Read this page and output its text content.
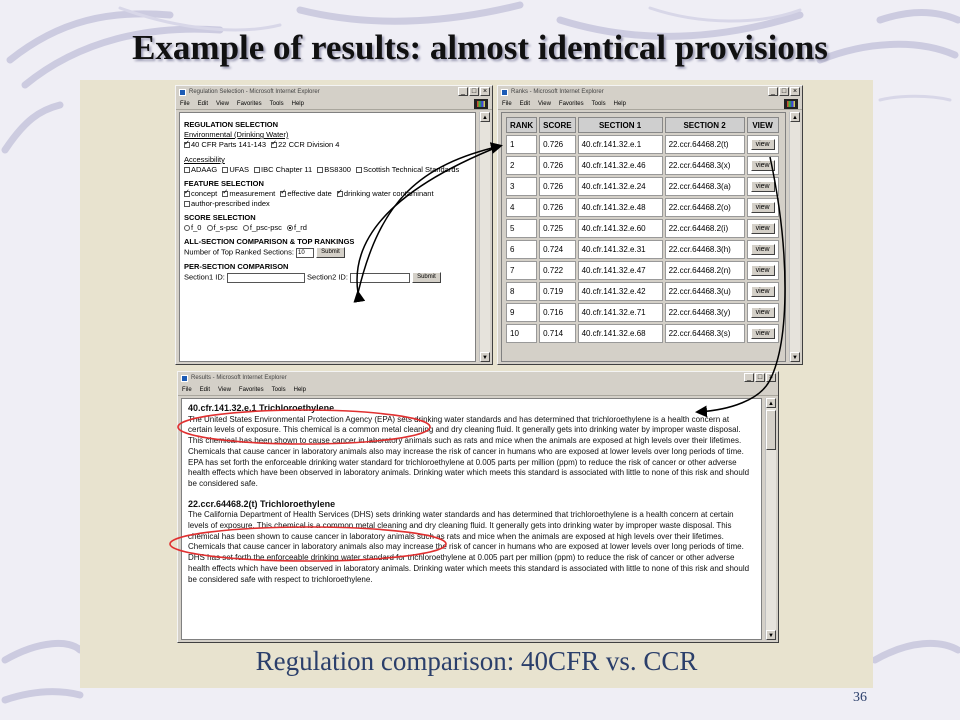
Example of results: almost identical provisions
Regulation Selection - Microsoft Internet Explorer	_ □ ×
File Edit View Favorites Tools Help
REGULATION SELECTION
Environmental (Drinking Water)
✓40 CFR Parts 141-143 ✓ 22 CCR Division 4
Accessibility
ADAAG UFAS IBC Chapter 11 BS8300 Scottish Technical Standards
FEATURE SELECTION
✓concept ✓ measurement ✓ effective date ✓ drinking water contaminant author-prescribed index
SCORE SELECTION
f_0 f_s-psc f_psc-psc f_rd
ALL-SECTION COMPARISON & TOP RANKINGS
Number of Top Ranked Sections: 10	Submit
PER-SECTION COMPARISON
Section1 ID:	Section2 ID:	Submit
▲
▼
Ranks - Microsoft Internet Explorer	_ □ ×
File Edit View Favorites Tools Help
RANK	SCORE	SECTION 1	SECTION 2	VIEW
1	0.726	40.cfr.141.32.e.1	22.ccr.64468.2(t)	view
2	0.726	40.cfr.141.32.e.46	22.ccr.64468.3(x)	view
3	0.726	40.cfr.141.32.e.24	22.ccr.64468.3(a)	view
4	0.726	40.cfr.141.32.e.48	22.ccr.64468.2(o)	view
5	0.725	40.cfr.141.32.e.60	22.ccr.64468.2(i)	view
6	0.724	40.cfr.141.32.e.31	22.ccr.64468.3(h)	view
7	0.722	40.cfr.141.32.e.47	22.ccr.64468.2(n)	view
8	0.719	40.cfr.141.32.e.42	22.ccr.64468.3(u)	view
9	0.716	40.cfr.141.32.e.71	22.ccr.64468.3(y)	view
10	0.714	40.cfr.141.32.e.68	22.ccr.64468.3(s)	view
▲
▼
Results - Microsoft Internet Explorer	_ □ ×
File Edit View Favorites Tools Help
40.cfr.141.32.e.1 Trichloroethylene
The United States Environmental Protection Agency (EPA) sets drinking water standards and has determined that trichloroethylene is a health concern at certain levels of exposure. This chemical is a common metal cleaning and dry cleaning fluid. It generally gets into drinking water by improper waste disposal. This chemical has been shown to cause cancer in laboratory animals such as rats and mice when the animals are exposed at high levels over their lifetimes. Chemicals that cause cancer in laboratory animals also may increase the risk of cancer in humans who are exposed at lower levels over long periods of time. EPA has set forth the enforceable drinking water standard for trichloroethylene at 0.005 parts per million (ppm) to reduce the risk of cancer or other adverse health effects which have been observed in laboratory animals. Drinking water which meets this standard is associated with little to none of this risk and should be considered safe.
22.ccr.64468.2(t) Trichloroethylene
The California Department of Health Services (DHS) sets drinking water standards and has determined that trichloroethylene is a health concern at certain levels of exposure. This chemical is a common metal cleaning and dry cleaning fluid. It generally gets into drinking water by improper waste disposal. This chemical has been shown to cause cancer in laboratory animals such as rats and mice when the animals are exposed at high levels over their lifetimes. Chemicals that cause cancer in laboratory animals also may increase the risk of cancer in humans who are exposed at lower levels over long periods of time. DHS has set forth the enforceable drinking water standard for trichloroethylene at 0.005 part per million (ppm) to reduce the risk of cancer or other adverse health effects which have been observed in laboratory animals. Drinking water which meets this standard is associated with little to none of this risk and should be considered safe with respect to trichloroethylene.
▲
▼
Regulation comparison: 40CFR vs. CCR
36
